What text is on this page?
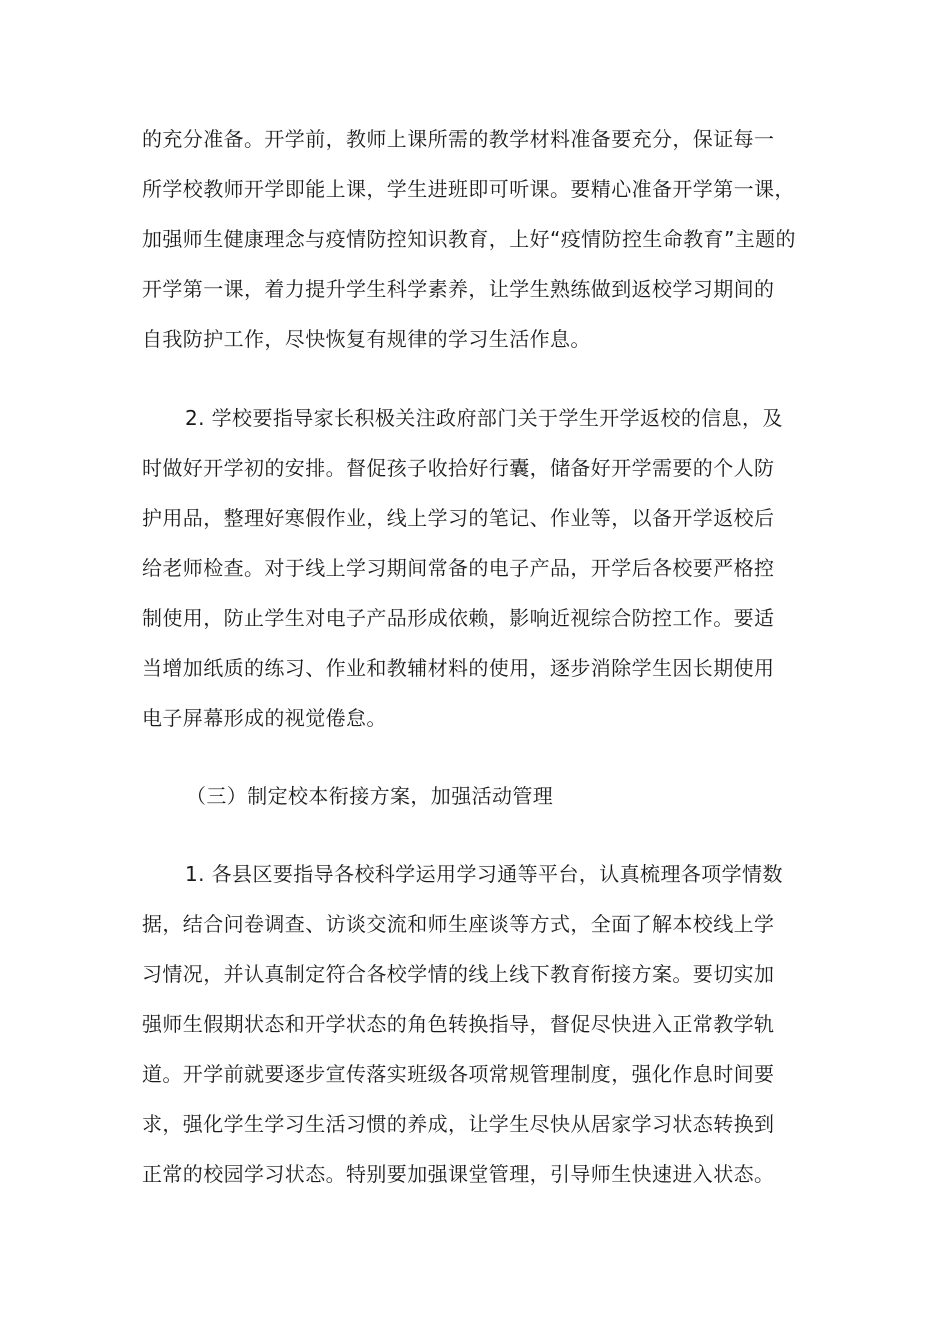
的充分准备。开学前，教师上课所需的教学材料准备要充分，保证每一
所学校教师开学即能上课，学生进班即可听课。要精心准备开学第一课，
加强师生健康理念与疫情防控知识教育，上好“疫情防控生命教育”主题的
开学第一课，着力提升学生科学素养，让学生熟练做到返校学习期间的
自我防护工作，尽快恢复有规律的学习生活作息。
2. 学校要指导家长积极关注政府部门关于学生开学返校的信息，及
时做好开学初的安排。督促孩子收拾好行囊，储备好开学需要的个人防
护用品，整理好寒假作业，线上学习的笔记、作业等，以备开学返校后
给老师检查。对于线上学习期间常备的电子产品，开学后各校要严格控
制使用，防止学生对电子产品形成依赖，影响近视综合防控工作。要适
当增加纸质的练习、作业和教辅材料的使用，逐步消除学生因长期使用
电子屏幕形成的视觉倦怠。
（三）制定校本衔接方案，加强活动管理
1. 各县区要指导各校科学运用学习通等平台，认真梳理各项学情数
据，结合问卷调查、访谈交流和师生座谈等方式，全面了解本校线上学
习情况，并认真制定符合各校学情的线上线下教育衔接方案。要切实加
强师生假期状态和开学状态的角色转换指导，督促尽快进入正常教学轨
道。开学前就要逐步宣传落实班级各项常规管理制度，强化作息时间要
求，强化学生学习生活习惯的养成，让学生尽快从居家学习状态转换到
正常的校园学习状态。特别要加强课堂管理，引导师生快速进入状态。
